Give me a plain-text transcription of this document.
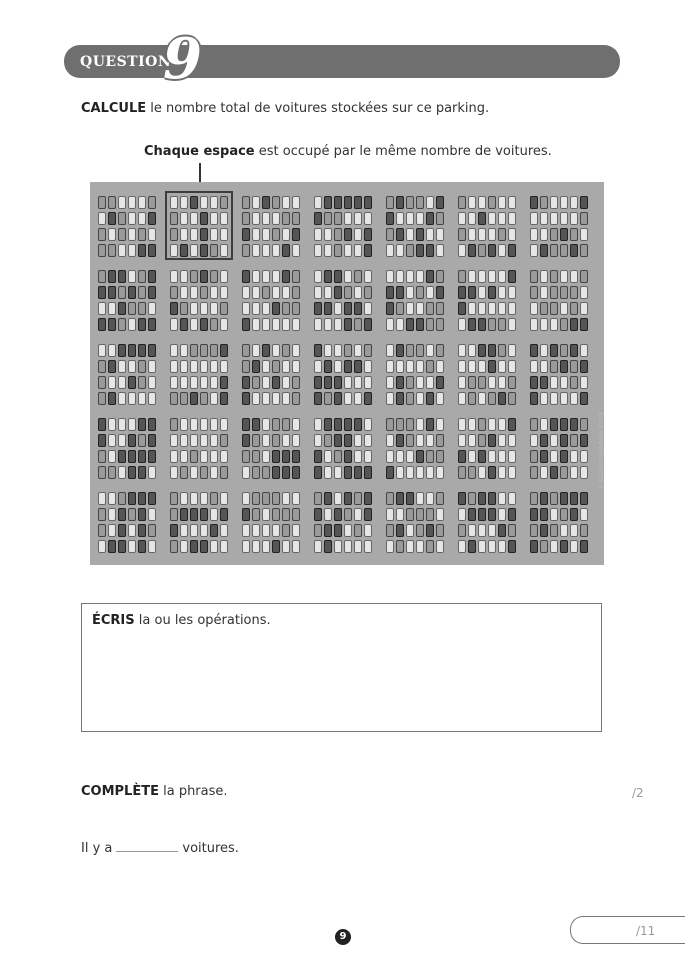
QUESTION
9
CALCULE le nombre total de voitures stockées sur ce parking.
Chaque espace est occupé par le même nombre de voitures.
© Kalinichev/Adobe Stock
ÉCRIS la ou les opérations.
COMPLÈTE la phrase.	/2
Il y a	voitures.
/11
9
